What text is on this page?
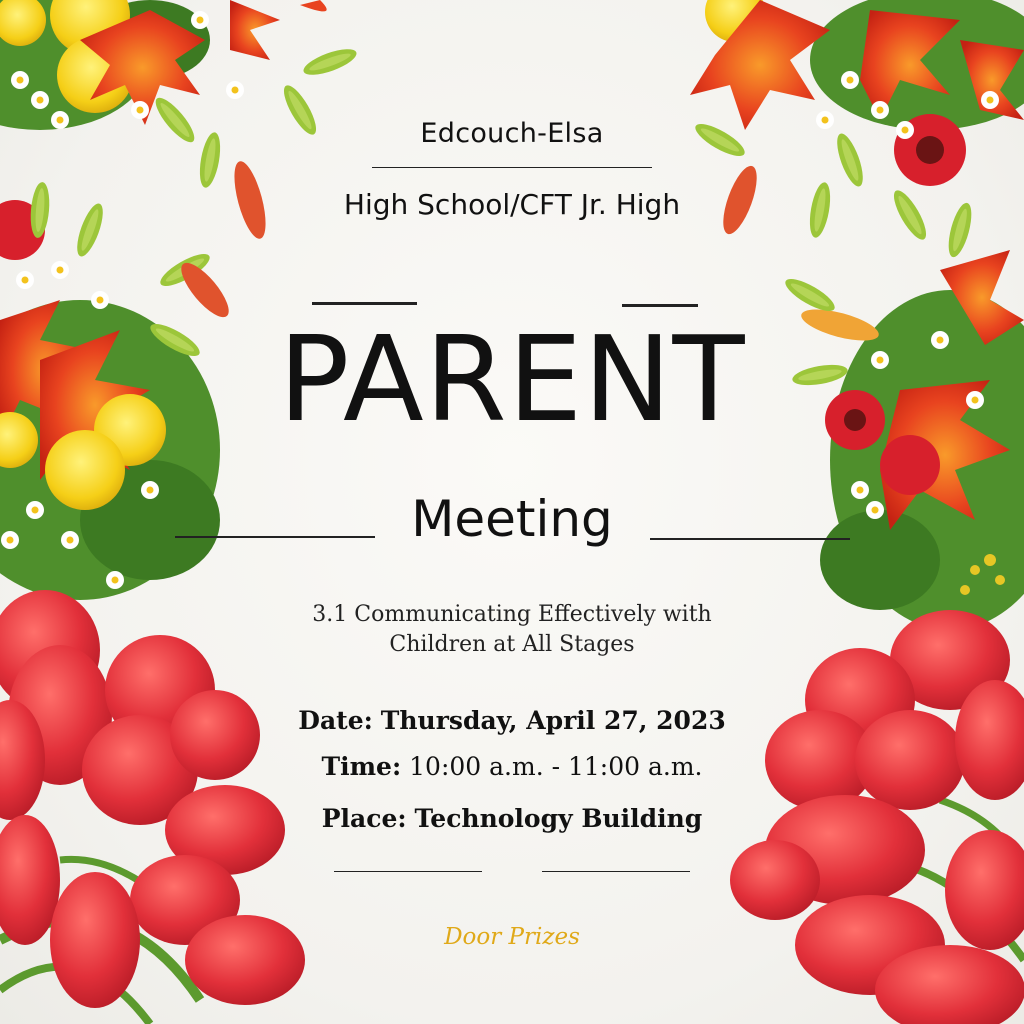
Edcouch-Elsa
High School/CFT Jr. High
PARENT
Meeting
3.1 Communicating Effectively with
Children at All Stages
Date: Thursday, April 27, 2023
Time: 10:00 a.m. - 11:00 a.m.
Place: Technology Building
Door Prizes
